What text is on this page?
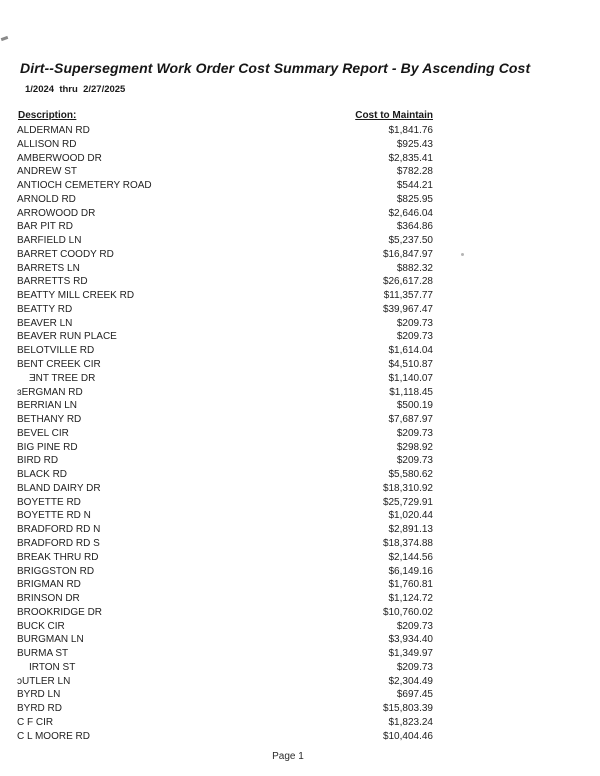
Dirt--Supersegment Work Order Cost Summary Report - By Ascending Cost
1/2024  thru  2/27/2025
Description:	Cost to Maintain
ALDERMAN RD	$1,841.76
ALLISON RD	$925.43
AMBERWOOD DR	$2,835.41
ANDREW ST	$782.28
ANTIOCH CEMETERY ROAD	$544.21
ARNOLD RD	$825.95
ARROWOOD DR	$2,646.04
BAR PIT RD	$364.86
BARFIELD LN	$5,237.50
BARRET COODY RD	$16,847.97
BARRETS LN	$882.32
BARRETTS RD	$26,617.28
BEATTY MILL CREEK RD	$11,357.77
BEATTY RD	$39,967.47
BEAVER LN	$209.73
BEAVER RUN PLACE	$209.73
BELOTVILLE RD	$1,614.04
BENT CREEK CIR	$4,510.87
ƎNT TREE DR	$1,140.07
ɜERGMAN RD	$1,118.45
BERRIAN LN	$500.19
BETHANY RD	$7,687.97
BEVEL CIR	$209.73
BIG PINE RD	$298.92
BIRD RD	$209.73
BLACK RD	$5,580.62
BLAND DAIRY DR	$18,310.92
BOYETTE RD	$25,729.91
BOYETTE RD N	$1,020.44
BRADFORD RD N	$2,891.13
BRADFORD RD S	$18,374.88
BREAK THRU RD	$2,144.56
BRIGGSTON RD	$6,149.16
BRIGMAN RD	$1,760.81
BRINSON DR	$1,124.72
BROOKRIDGE DR	$10,760.02
BUCK CIR	$209.73
BURGMAN LN	$3,934.40
BURMA ST	$1,349.97
IRTON ST	$209.73
ɔUTLER LN	$2,304.49
BYRD LN	$697.45
BYRD RD	$15,803.39
C F CIR	$1,823.24
C L MOORE RD	$10,404.46
Page 1
